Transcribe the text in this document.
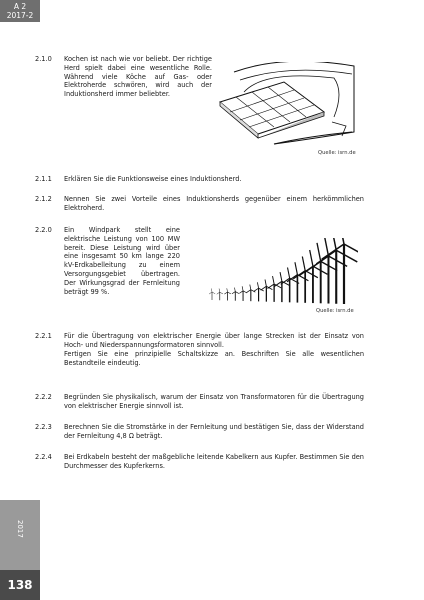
A 2
2017-2
2017
138
2.1.0 Kochen ist nach wie vor beliebt. Der richtige Herd spielt dabei eine wesentliche Rolle. Während viele Köche auf Gas- oder Elektroherde schwören, wird auch der Induktionsherd immer beliebter.
Quelle: isrn.de
2.1.1 Erklären Sie die Funktionsweise eines Induktionsherd.
2.1.2 Nennen Sie zwei Vorteile eines Induktionsherds gegenüber einem herkömmlichen Elektroherd.
2.2.0 Ein Windpark stellt eine elektrische Leistung von 100 MW bereit. Diese Leistung wird über eine insgesamt 50 km lange 220 kV-Erdkabelleitung zu einem Versorgungsgebiet übertragen. Der Wirkungsgrad der Fernleitung beträgt 99 %.
Quelle: isrn.de
2.2.1 Für die Übertragung von elektrischer Energie über lange Strecken ist der Einsatz von Hoch- und Niederspannungsformatoren sinnvoll.
Fertigen Sie eine prinzipielle Schaltskizze an. Beschriften Sie alle wesentlichen Bestandteile eindeutig.
2.2.2 Begründen Sie physikalisch, warum der Einsatz von Transformatoren für die Übertragung von elektrischer Energie sinnvoll ist.
2.2.3 Berechnen Sie die Stromstärke in der Fernleitung und bestätigen Sie, dass der Widerstand der Fernleitung 4,8 Ω beträgt.
2.2.4 Bei Erdkabeln besteht der maßgebliche leitende Kabelkern aus Kupfer. Bestimmen Sie den Durchmesser des Kupferkerns.
